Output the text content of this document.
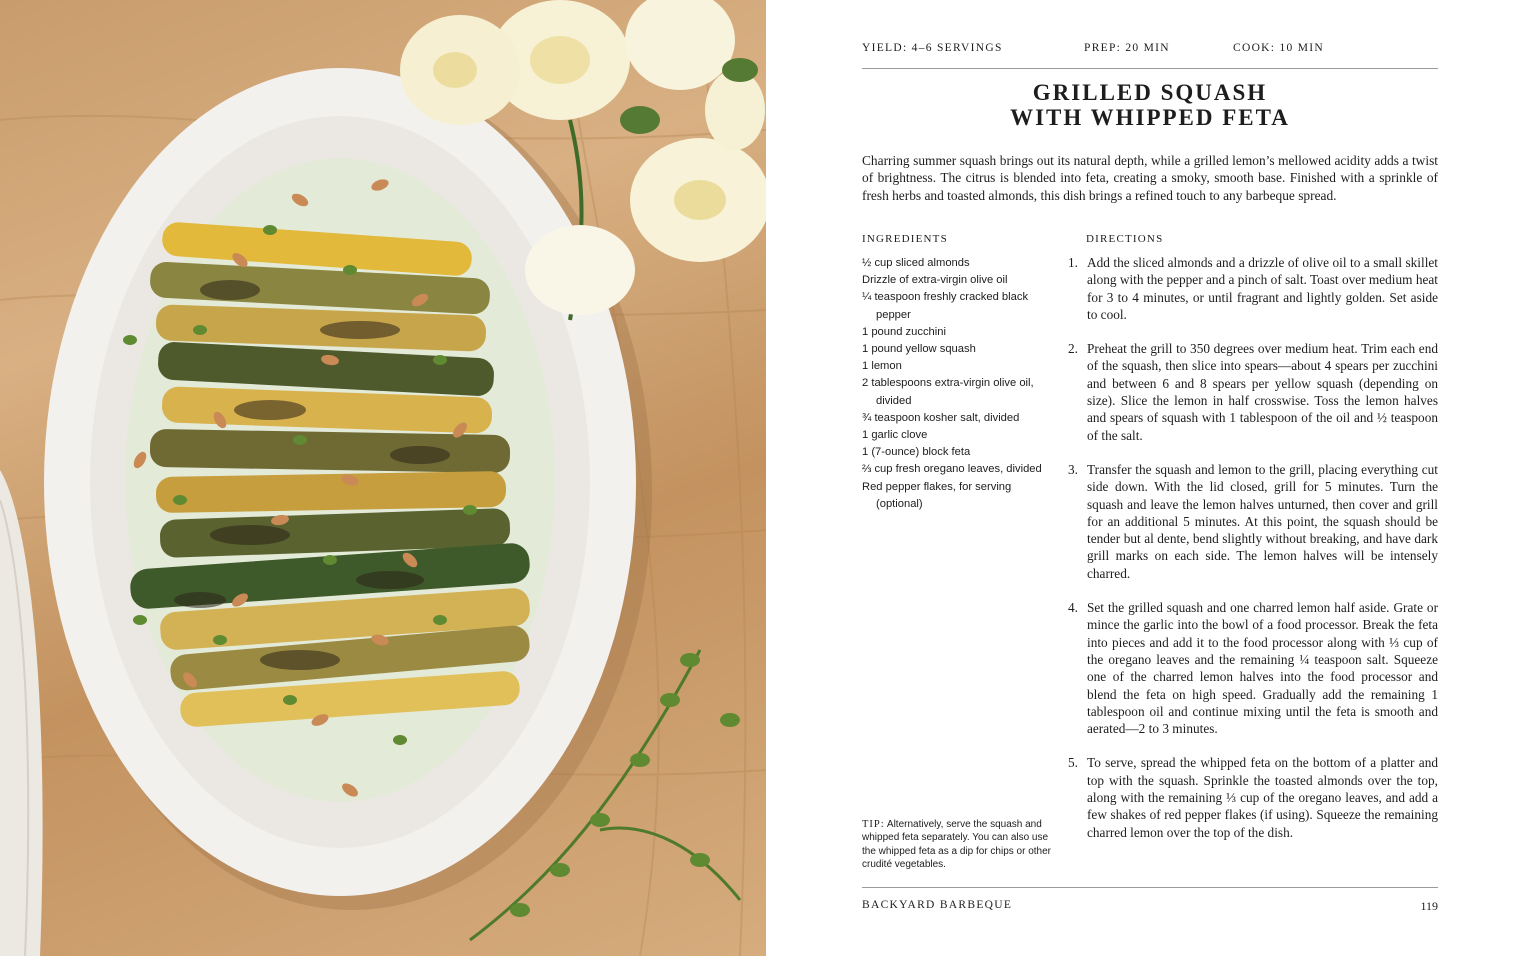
YIELD: 4–6 SERVINGS	PREP: 20 MIN	COOK: 10 MIN
GRILLED SQUASH
WITH WHIPPED FETA

Charring summer squash brings out its natural depth, while a grilled lemon’s mellowed acidity adds a twist of brightness. The citrus is blended into feta, creating a smoky, smooth base. Finished with a sprinkle of fresh herbs and toasted almonds, this dish brings a refined touch to any barbeque spread.

INGREDIENTS	DIRECTIONS
½ cup sliced almonds
Drizzle of extra-virgin olive oil
¼ teaspoon freshly cracked black pepper
1 pound zucchini
1 pound yellow squash
1 lemon
2 tablespoons extra-virgin olive oil, divided
¾ teaspoon kosher salt, divided
1 garlic clove
1 (7-ounce) block feta
⅔ cup fresh oregano leaves, divided
Red pepper flakes, for serving (optional)
1. Add the sliced almonds and a drizzle of olive oil to a small skillet along with the pepper and a pinch of salt. Toast over medium heat for 3 to 4 minutes, or until fragrant and lightly golden. Set aside to cool.
2. Preheat the grill to 350 degrees over medium heat. Trim each end of the squash, then slice into spears—about 4 spears per zucchini and between 6 and 8 spears per yellow squash (depending on size). Slice the lemon in half crosswise. Toss the lemon halves and spears of squash with 1 tablespoon of the oil and ½ teaspoon of the salt.
3. Transfer the squash and lemon to the grill, placing everything cut side down. With the lid closed, grill for 5 minutes. Turn the squash and leave the lemon halves unturned, then cover and grill for an additional 5 minutes. At this point, the squash should be tender but al dente, bend slightly without breaking, and have dark grill marks on each side. The lemon halves will be intensely charred.
4. Set the grilled squash and one charred lemon half aside. Grate or mince the garlic into the bowl of a food processor. Break the feta into pieces and add it to the food processor along with ⅓ cup of the oregano leaves and the remaining ¼ teaspoon salt. Squeeze one of the charred lemon halves into the food processor and blend the feta on high speed. Gradually add the remaining 1 tablespoon oil and continue mixing until the feta is smooth and aerated—2 to 3 minutes.
5. To serve, spread the whipped feta on the bottom of a platter and top with the squash. Sprinkle the toasted almonds over the top, along with the remaining ⅓ cup of the oregano leaves, and add a few shakes of red pepper flakes (if using). Squeeze the remaining charred lemon over the top of the dish.

TIP: Alternatively, serve the squash and whipped feta separately. You can also use the whipped feta as a dip for chips or other crudité vegetables.

BACKYARD BARBEQUE	119
